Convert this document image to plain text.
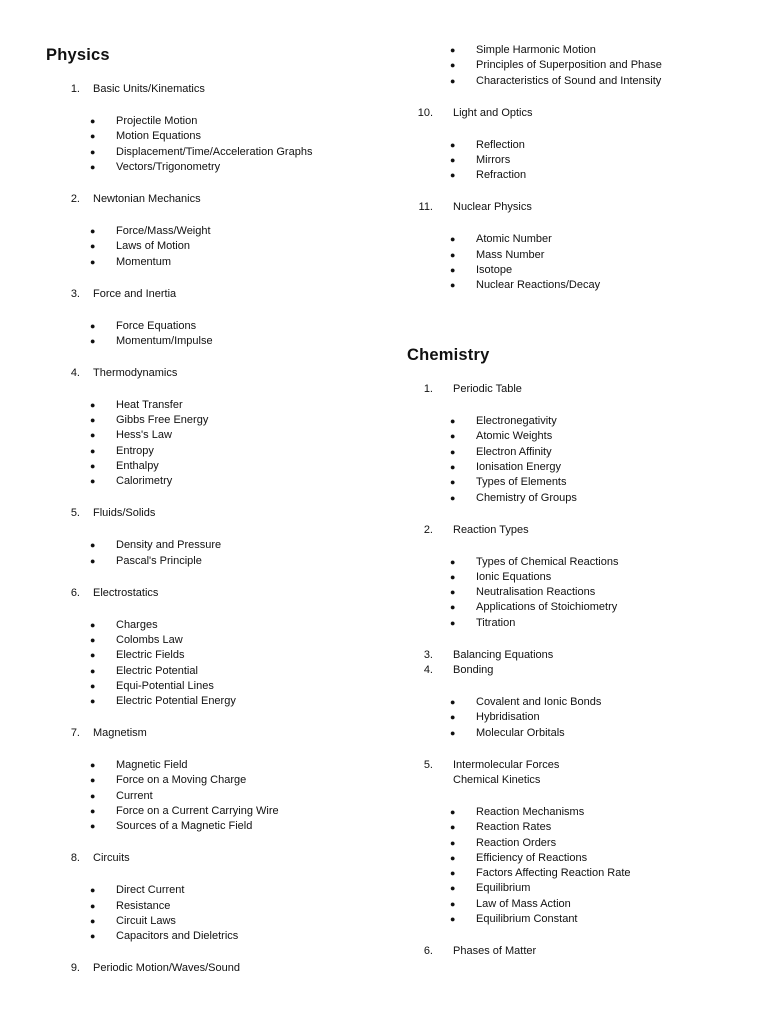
Physics
1. Basic Units/Kinematics
● Projectile Motion
● Motion Equations
● Displacement/Time/Acceleration Graphs
● Vectors/Trigonometry
2. Newtonian Mechanics
● Force/Mass/Weight
● Laws of Motion
● Momentum
3. Force and Inertia
● Force Equations
● Momentum/Impulse
4. Thermodynamics
● Heat Transfer
● Gibbs Free Energy
● Hess's Law
● Entropy
● Enthalpy
● Calorimetry
5. Fluids/Solids
● Density and Pressure
● Pascal's Principle
6. Electrostatics
● Charges
● Colombs Law
● Electric Fields
● Electric Potential
● Equi-Potential Lines
● Electric Potential Energy
7. Magnetism
● Magnetic Field
● Force on a Moving Charge
● Current
● Force on a Current Carrying Wire
● Sources of a Magnetic Field
8. Circuits
● Direct Current
● Resistance
● Circuit Laws
● Capacitors and Dieletrics
9. Periodic Motion/Waves/Sound
● Simple Harmonic Motion
● Principles of Superposition and Phase
● Characteristics of Sound and Intensity
10. Light and Optics
● Reflection
● Mirrors
● Refraction
11. Nuclear Physics
● Atomic Number
● Mass Number
● Isotope
● Nuclear Reactions/Decay
Chemistry
1. Periodic Table
● Electronegativity
● Atomic Weights
● Electron Affinity
● Ionisation Energy
● Types of Elements
● Chemistry of Groups
2. Reaction Types
● Types of Chemical Reactions
● Ionic Equations
● Neutralisation Reactions
● Applications of Stoichiometry
● Titration
3. Balancing Equations
4. Bonding
● Covalent and Ionic Bonds
● Hybridisation
● Molecular Orbitals
5. Intermolecular Forces
Chemical Kinetics
● Reaction Mechanisms
● Reaction Rates
● Reaction Orders
● Efficiency of Reactions
● Factors Affecting Reaction Rate
● Equilibrium
● Law of Mass Action
● Equilibrium Constant
6. Phases of Matter
